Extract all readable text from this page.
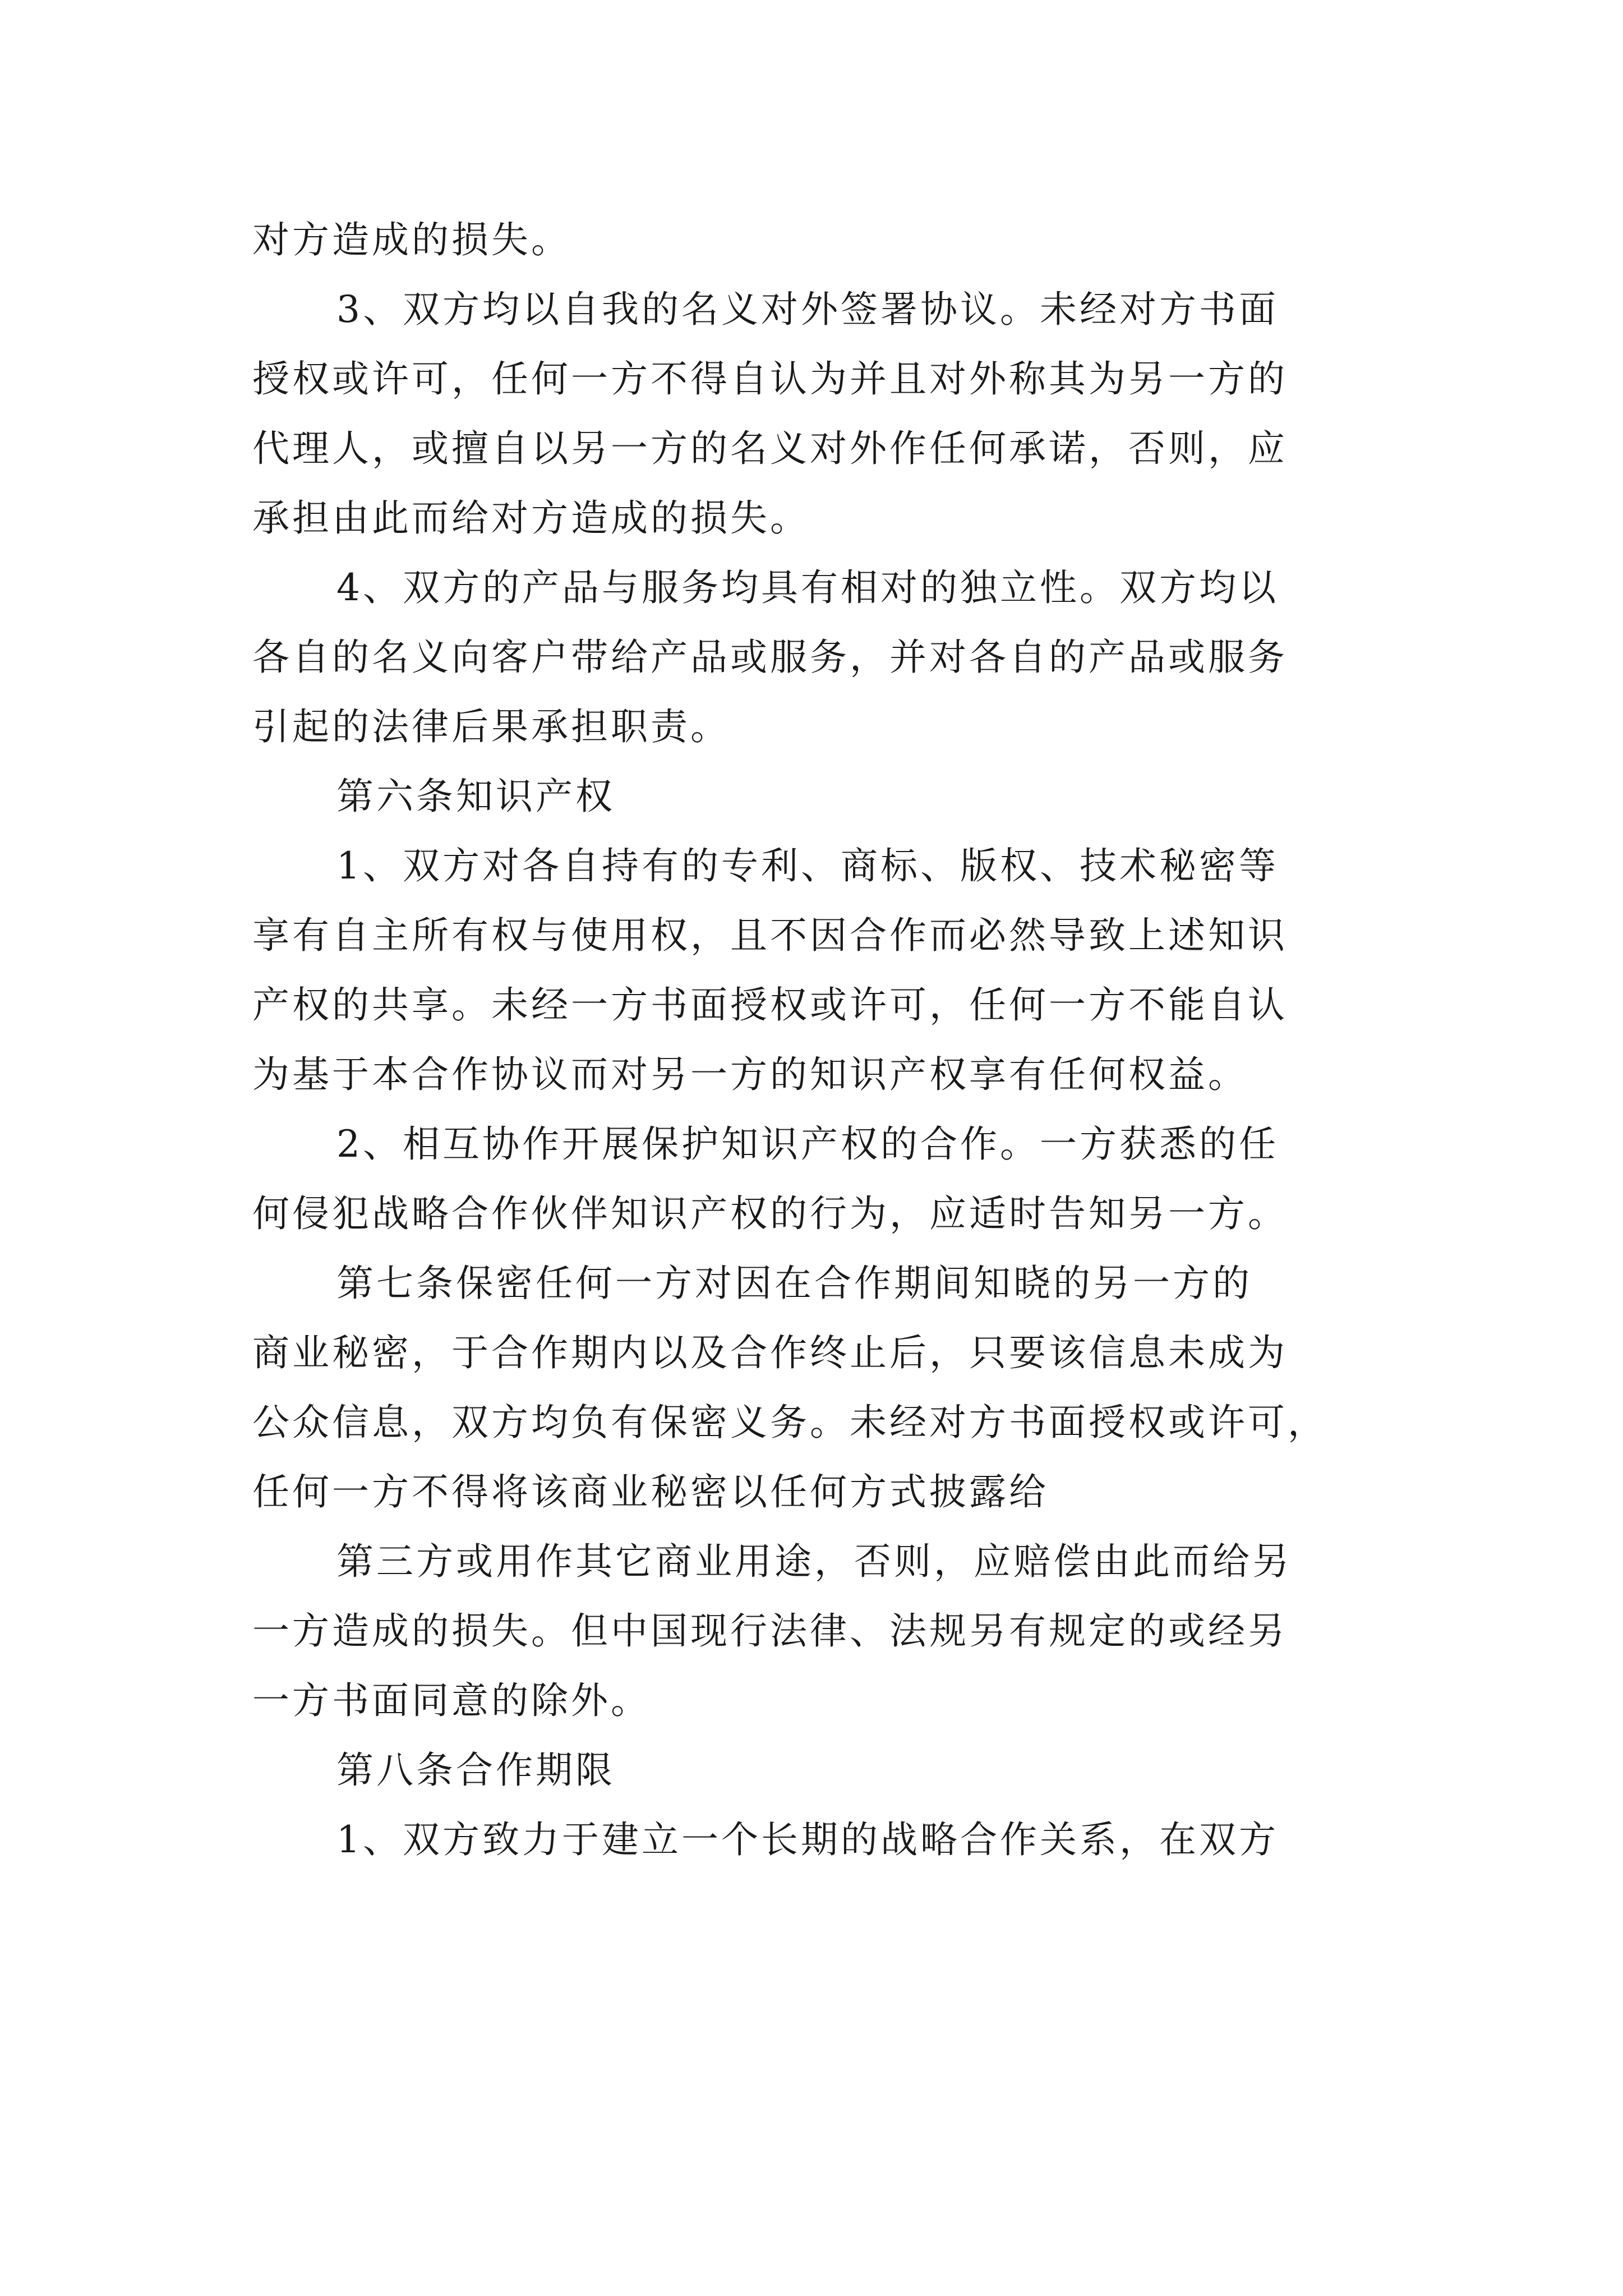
对方造成的损失。
3、双方均以自我的名义对外签署协议。未经对方书面
授权或许可，任何一方不得自认为并且对外称其为另一方的
代理人，或擅自以另一方的名义对外作任何承诺，否则，应
承担由此而给对方造成的损失。
4、双方的产品与服务均具有相对的独立性。双方均以
各自的名义向客户带给产品或服务，并对各自的产品或服务
引起的法律后果承担职责。
第六条知识产权
1、双方对各自持有的专利、商标、版权、技术秘密等
享有自主所有权与使用权，且不因合作而必然导致上述知识
产权的共享。未经一方书面授权或许可，任何一方不能自认
为基于本合作协议而对另一方的知识产权享有任何权益。
2、相互协作开展保护知识产权的合作。一方获悉的任
何侵犯战略合作伙伴知识产权的行为，应适时告知另一方。
第七条保密任何一方对因在合作期间知晓的另一方的
商业秘密，于合作期内以及合作终止后，只要该信息未成为
公众信息，双方均负有保密义务。未经对方书面授权或许可，
任何一方不得将该商业秘密以任何方式披露给
第三方或用作其它商业用途，否则，应赔偿由此而给另
一方造成的损失。但中国现行法律、法规另有规定的或经另
一方书面同意的除外。
第八条合作期限
1、双方致力于建立一个长期的战略合作关系，在双方
